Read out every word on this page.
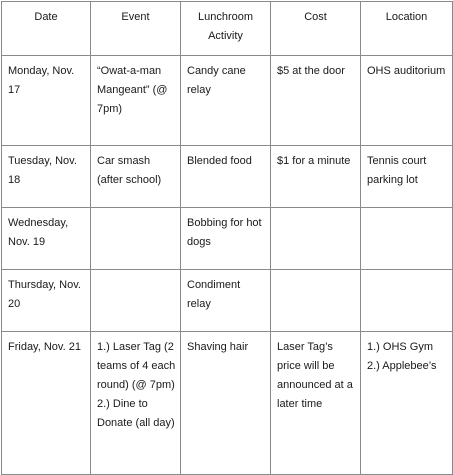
Date	Event	Lunchroom Activity	Cost	Location

Monday, Nov.
17	“Owat-a-man
Mangeant” (@
7pm)	Candy cane
relay	$5 at the door	OHS auditorium

Tuesday, Nov.
18	Car smash
(after school)	Blended food	$1 for a minute	Tennis court
parking lot

Wednesday,
Nov. 19		Bobbing for hot
dogs		

Thursday, Nov.
20		Condiment
relay		

Friday, Nov. 21	1.) Laser Tag (2
teams of 4 each
round) (@ 7pm)
2.) Dine to
Donate (all day)	Shaving hair	Laser Tag’s
price will be
announced at a
later time	1.) OHS Gym
2.) Applebee’s
